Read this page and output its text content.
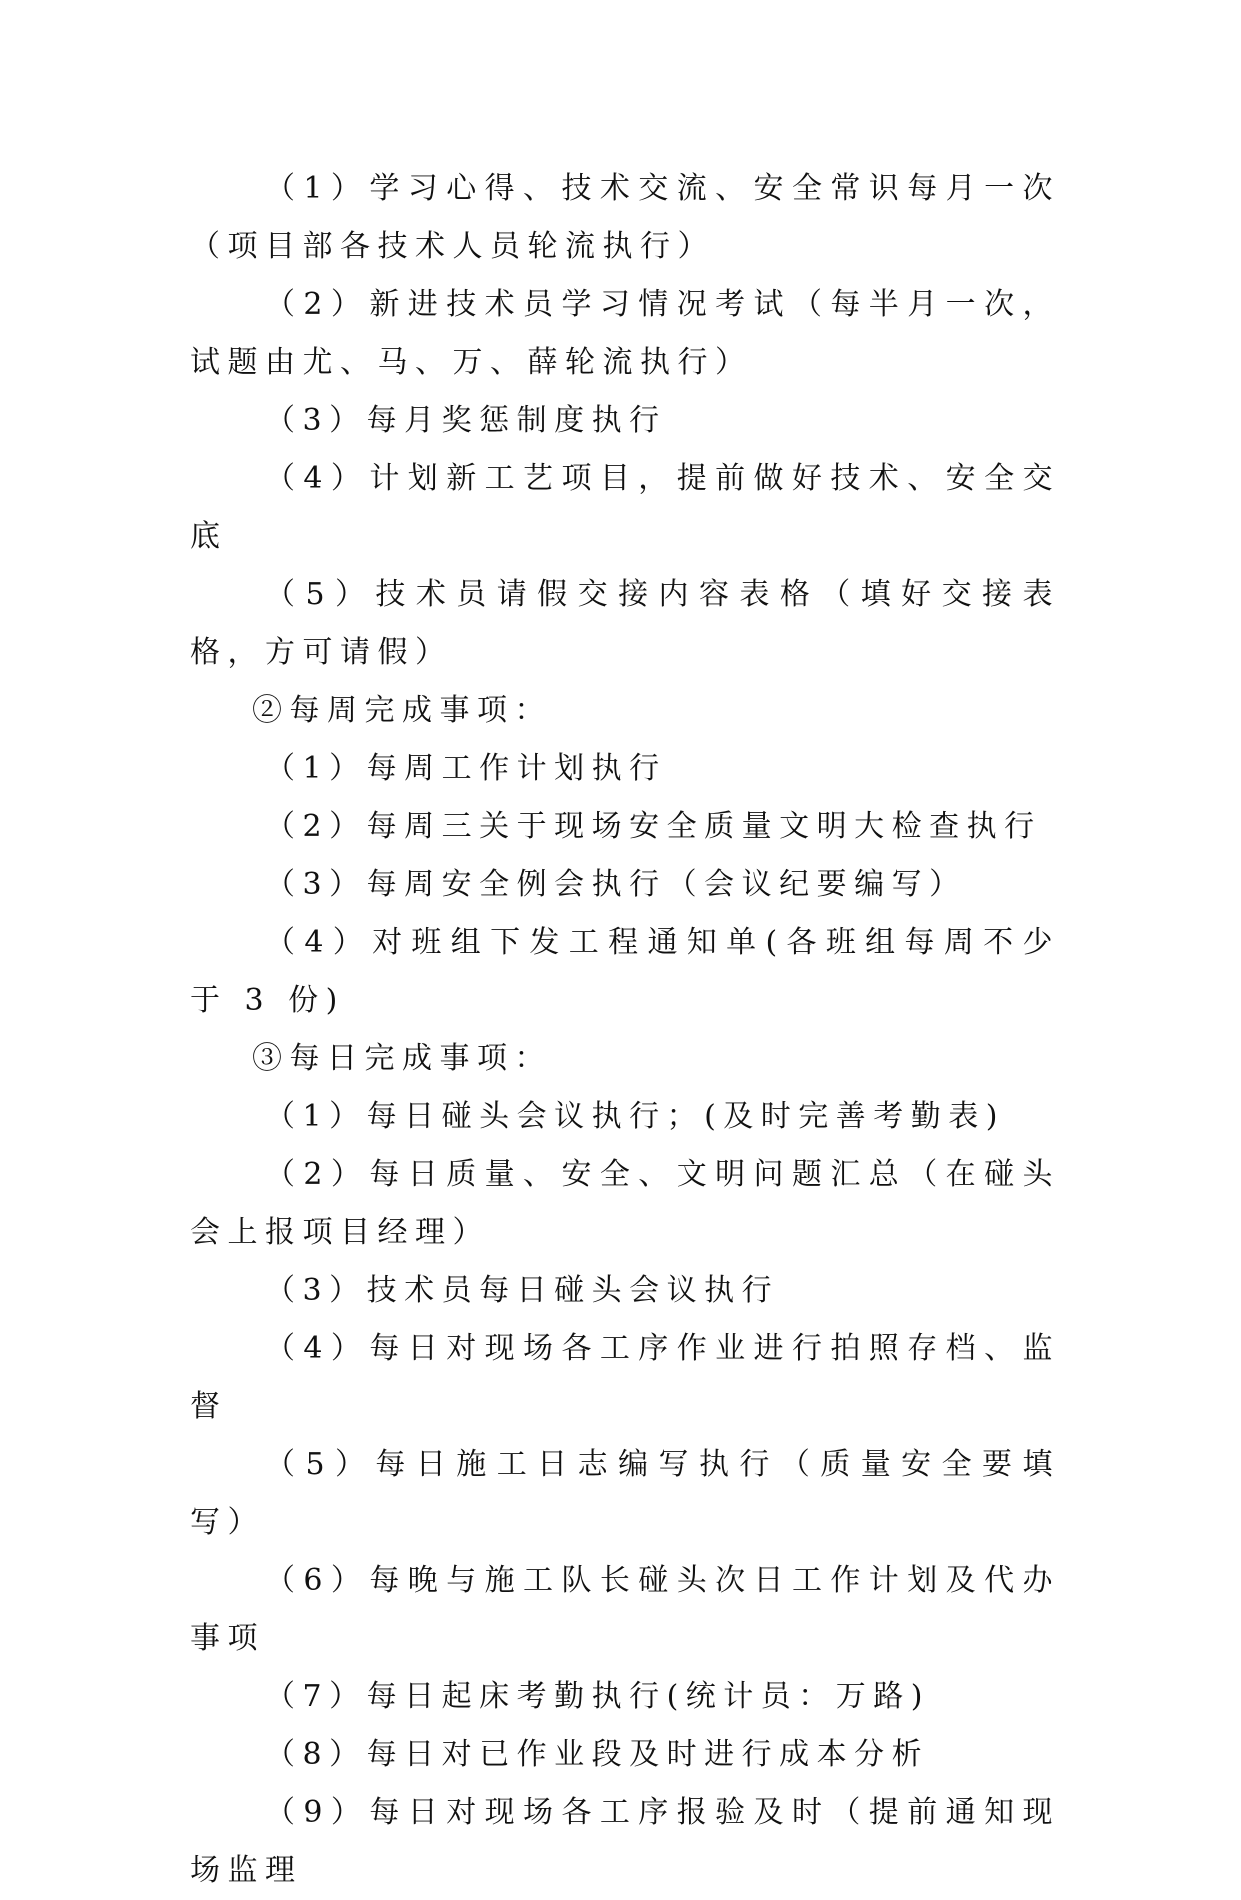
（1）学习心得、技术交流、安全常识每月一次（项目部各技术人员轮流执行）

（2）新进技术员学习情况考试（每半月一次，试题由尤、马、万、薛轮流执行）

（3）每月奖惩制度执行

（4）计划新工艺项目，提前做好技术、安全交底

（5）技术员请假交接内容表格（填好交接表格，方可请假）

②每周完成事项：

（1）每周工作计划执行

（2）每周三关于现场安全质量文明大检查执行

（3）每周安全例会执行（会议纪要编写）

（4）对班组下发工程通知单(各班组每周不少于 3 份)

③每日完成事项：

（1）每日碰头会议执行；(及时完善考勤表)

（2）每日质量、安全、文明问题汇总（在碰头会上报项目经理）

（3）技术员每日碰头会议执行

（4）每日对现场各工序作业进行拍照存档、监督

（5）每日施工日志编写执行（质量安全要填写）

（6）每晚与施工队长碰头次日工作计划及代办事项

（7）每日起床考勤执行(统计员：万路)

（8）每日对已作业段及时进行成本分析

（9）每日对现场各工序报验及时（提前通知现场监理
